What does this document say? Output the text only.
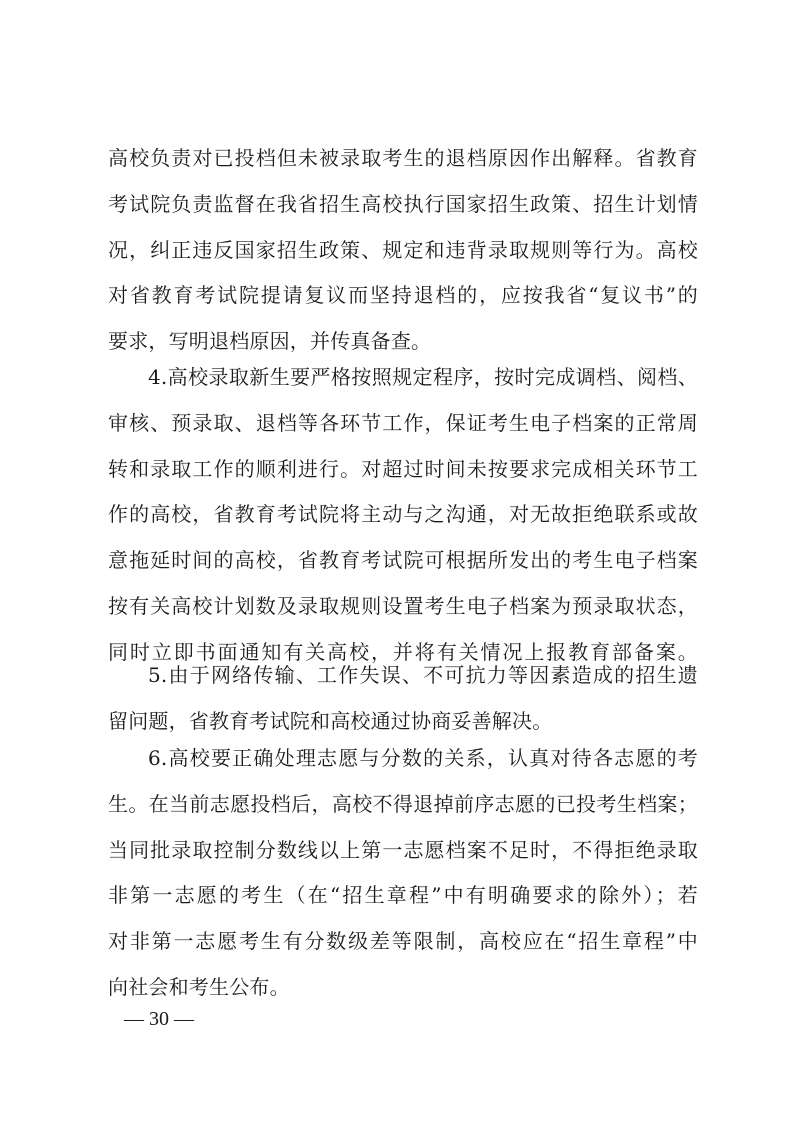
高校负责对已投档但未被录取考生的退档原因作出解释。省教育
考试院负责监督在我省招生高校执行国家招生政策、招生计划情
况，纠正违反国家招生政策、规定和违背录取规则等行为。高校
对省教育考试院提请复议而坚持退档的，应按我省“复议书”的
要求，写明退档原因，并传真备查。
4.高校录取新生要严格按照规定程序，按时完成调档、阅档、
审核、预录取、退档等各环节工作，保证考生电子档案的正常周
转和录取工作的顺利进行。对超过时间未按要求完成相关环节工
作的高校，省教育考试院将主动与之沟通，对无故拒绝联系或故
意拖延时间的高校，省教育考试院可根据所发出的考生电子档案
按有关高校计划数及录取规则设置考生电子档案为预录取状态，
同时立即书面通知有关高校，并将有关情况上报教育部备案。
5.由于网络传输、工作失误、不可抗力等因素造成的招生遗
留问题，省教育考试院和高校通过协商妥善解决。
6.高校要正确处理志愿与分数的关系，认真对待各志愿的考
生。在当前志愿投档后，高校不得退掉前序志愿的已投考生档案；
当同批录取控制分数线以上第一志愿档案不足时，不得拒绝录取
非第一志愿的考生（在“招生章程”中有明确要求的除外）；若
对非第一志愿考生有分数级差等限制，高校应在“招生章程”中
向社会和考生公布。
— 30 —
